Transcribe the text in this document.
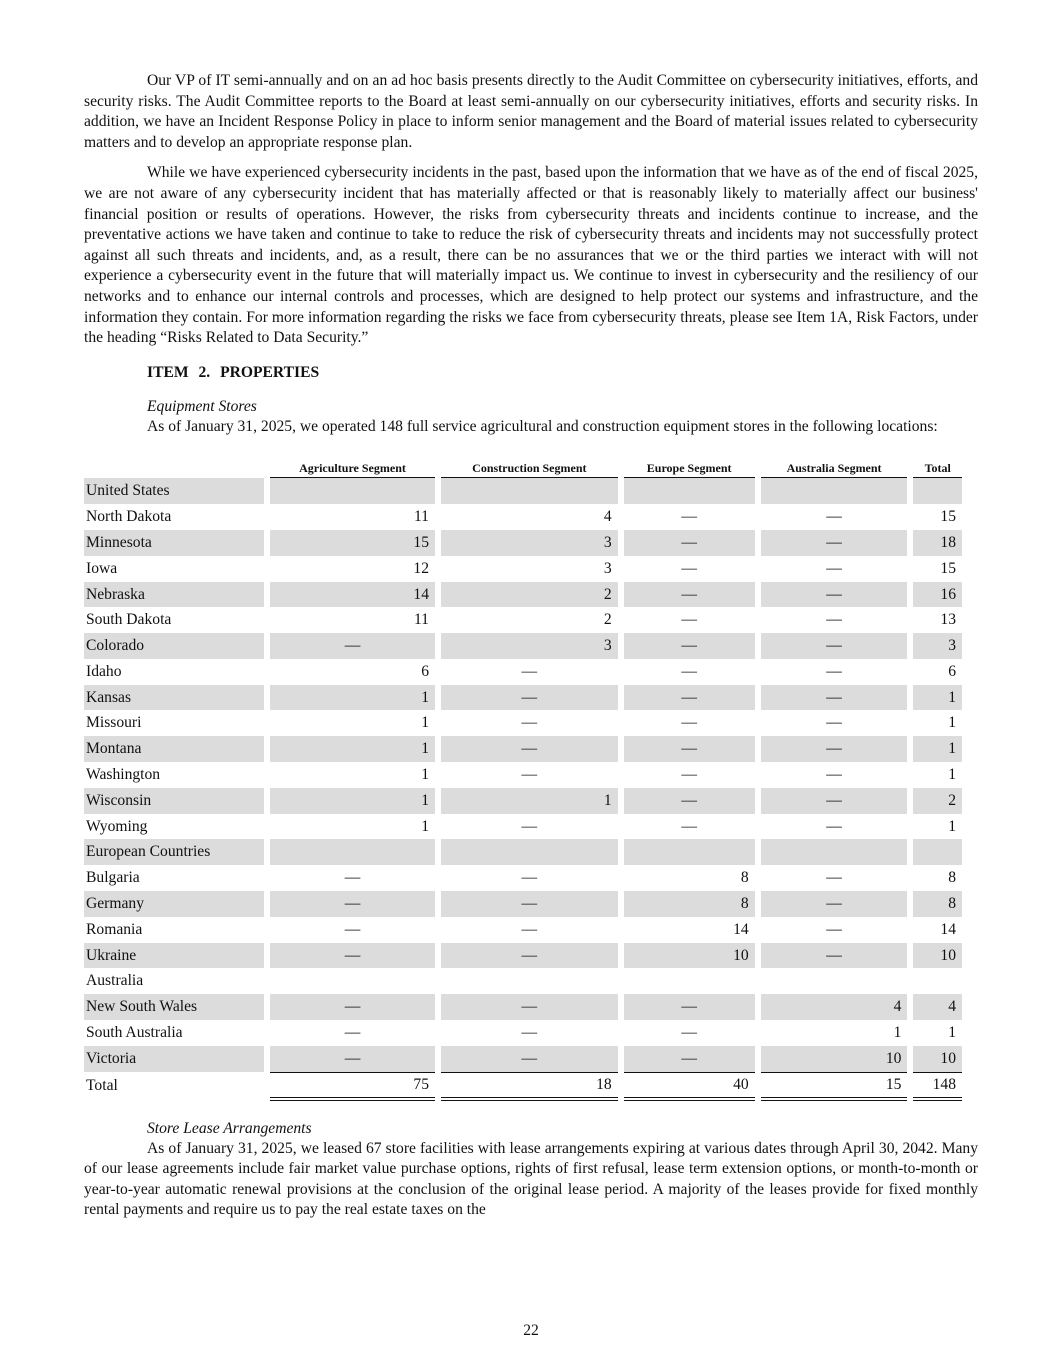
Our VP of IT semi-annually and on an ad hoc basis presents directly to the Audit Committee on cybersecurity initiatives, efforts, and security risks. The Audit Committee reports to the Board at least semi-annually on our cybersecurity initiatives, efforts and security risks. In addition, we have an Incident Response Policy in place to inform senior management and the Board of material issues related to cybersecurity matters and to develop an appropriate response plan.

While we have experienced cybersecurity incidents in the past, based upon the information that we have as of the end of fiscal 2025, we are not aware of any cybersecurity incident that has materially affected or that is reasonably likely to materially affect our business' financial position or results of operations. However, the risks from cybersecurity threats and incidents continue to increase, and the preventative actions we have taken and continue to take to reduce the risk of cybersecurity threats and incidents may not successfully protect against all such threats and incidents, and, as a result, there can be no assurances that we or the third parties we interact with will not experience a cybersecurity event in the future that will materially impact us. We continue to invest in cybersecurity and the resiliency of our networks and to enhance our internal controls and processes, which are designed to help protect our systems and infrastructure, and the information they contain. For more information regarding the risks we face from cybersecurity threats, please see Item 1A, Risk Factors, under the heading “Risks Related to Data Security.”

ITEM 2. PROPERTIES
Equipment Stores

As of January 31, 2025, we operated 148 full service agricultural and construction equipment stores in the following locations:

	Agriculture Segment	Construction Segment	Europe Segment	Australia Segment	Total
United States					
North Dakota	11	4	—	—	15
Minnesota	15	3	—	—	18
Iowa	12	3	—	—	15
Nebraska	14	2	—	—	16
South Dakota	11	2	—	—	13
Colorado	—	3	—	—	3
Idaho	6	—	—	—	6
Kansas	1	—	—	—	1
Missouri	1	—	—	—	1
Montana	1	—	—	—	1
Washington	1	—	—	—	1
Wisconsin	1	1	—	—	2
Wyoming	1	—	—	—	1
European Countries					
Bulgaria	—	—	8	—	8
Germany	—	—	8	—	8
Romania	—	—	14	—	14
Ukraine	—	—	10	—	10
Australia					
New South Wales	—	—	—	4	4
South Australia	—	—	—	1	1
Victoria	—	—	—	10	10
Total	75	18	40	15	148
Store Lease Arrangements

As of January 31, 2025, we leased 67 store facilities with lease arrangements expiring at various dates through April 30, 2042. Many of our lease agreements include fair market value purchase options, rights of first refusal, lease term extension options, or month-to-month or year-to-year automatic renewal provisions at the conclusion of the original lease period. A majority of the leases provide for fixed monthly rental payments and require us to pay the real estate taxes on the

22
